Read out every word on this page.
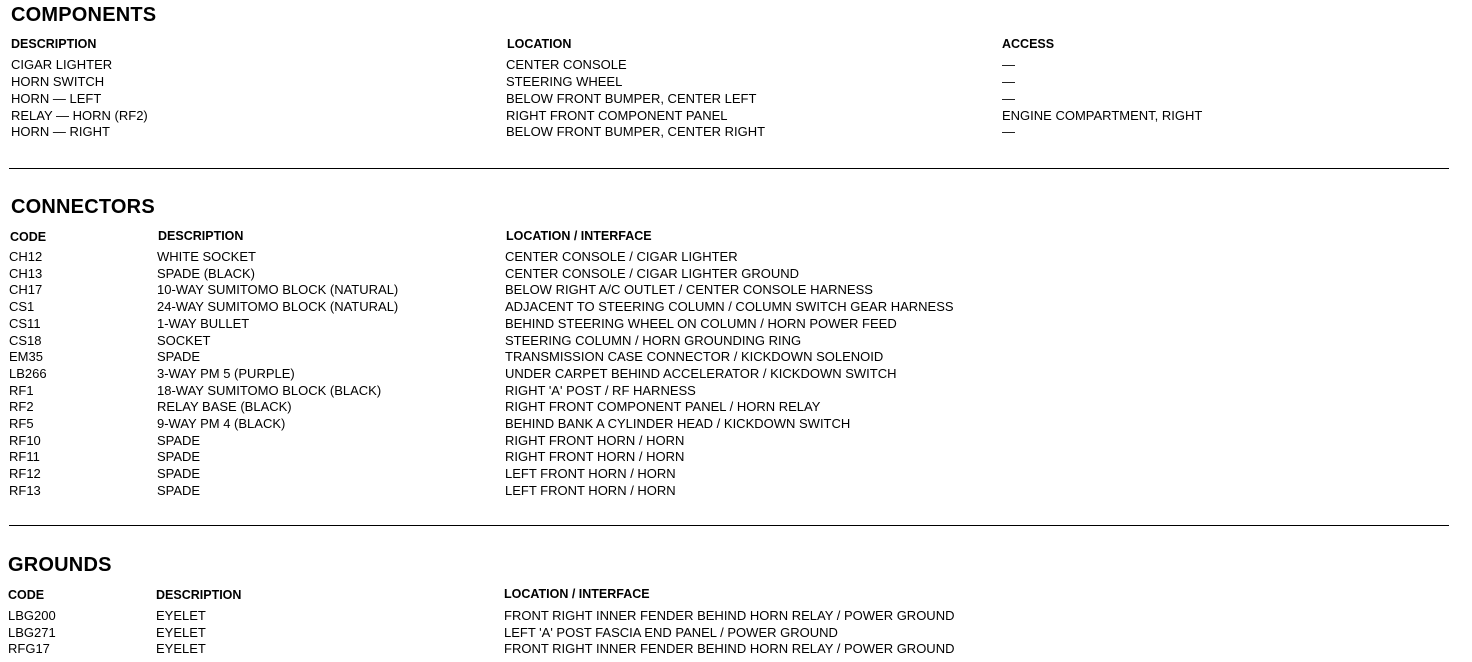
COMPONENTS
DESCRIPTION	LOCATION	ACCESS
CIGAR LIGHTER	CENTER CONSOLE	—
HORN SWITCH	STEERING WHEEL	—
HORN — LEFT	BELOW FRONT BUMPER, CENTER LEFT	—
RELAY — HORN (RF2)	RIGHT FRONT COMPONENT PANEL	ENGINE COMPARTMENT, RIGHT
HORN — RIGHT	BELOW FRONT BUMPER, CENTER RIGHT	—
CONNECTORS
CODE	DESCRIPTION	LOCATION / INTERFACE
CH12	WHITE SOCKET	CENTER CONSOLE / CIGAR LIGHTER
CH13	SPADE (BLACK)	CENTER CONSOLE / CIGAR LIGHTER GROUND
CH17	10-WAY SUMITOMO BLOCK (NATURAL)	BELOW RIGHT A/C OUTLET / CENTER CONSOLE HARNESS
CS1	24-WAY SUMITOMO BLOCK (NATURAL)	ADJACENT TO STEERING COLUMN / COLUMN SWITCH GEAR HARNESS
CS11	1-WAY BULLET	BEHIND STEERING WHEEL ON COLUMN / HORN POWER FEED
CS18	SOCKET	STEERING COLUMN / HORN GROUNDING RING
EM35	SPADE	TRANSMISSION CASE CONNECTOR / KICKDOWN SOLENOID
LB266	3-WAY PM 5 (PURPLE)	UNDER CARPET BEHIND ACCELERATOR / KICKDOWN SWITCH
RF1	18-WAY SUMITOMO BLOCK (BLACK)	RIGHT 'A' POST / RF HARNESS
RF2	RELAY BASE (BLACK)	RIGHT FRONT COMPONENT PANEL / HORN RELAY
RF5	9-WAY PM 4 (BLACK)	BEHIND BANK A CYLINDER HEAD / KICKDOWN SWITCH
RF10	SPADE	RIGHT FRONT HORN / HORN
RF11	SPADE	RIGHT FRONT HORN / HORN
RF12	SPADE	LEFT FRONT HORN / HORN
RF13	SPADE	LEFT FRONT HORN / HORN
GROUNDS
CODE	DESCRIPTION	LOCATION / INTERFACE
LBG200	EYELET	FRONT RIGHT INNER FENDER BEHIND HORN RELAY / POWER GROUND
LBG271	EYELET	LEFT 'A' POST FASCIA END PANEL / POWER GROUND
RFG17	EYELET	FRONT RIGHT INNER FENDER BEHIND HORN RELAY / POWER GROUND
